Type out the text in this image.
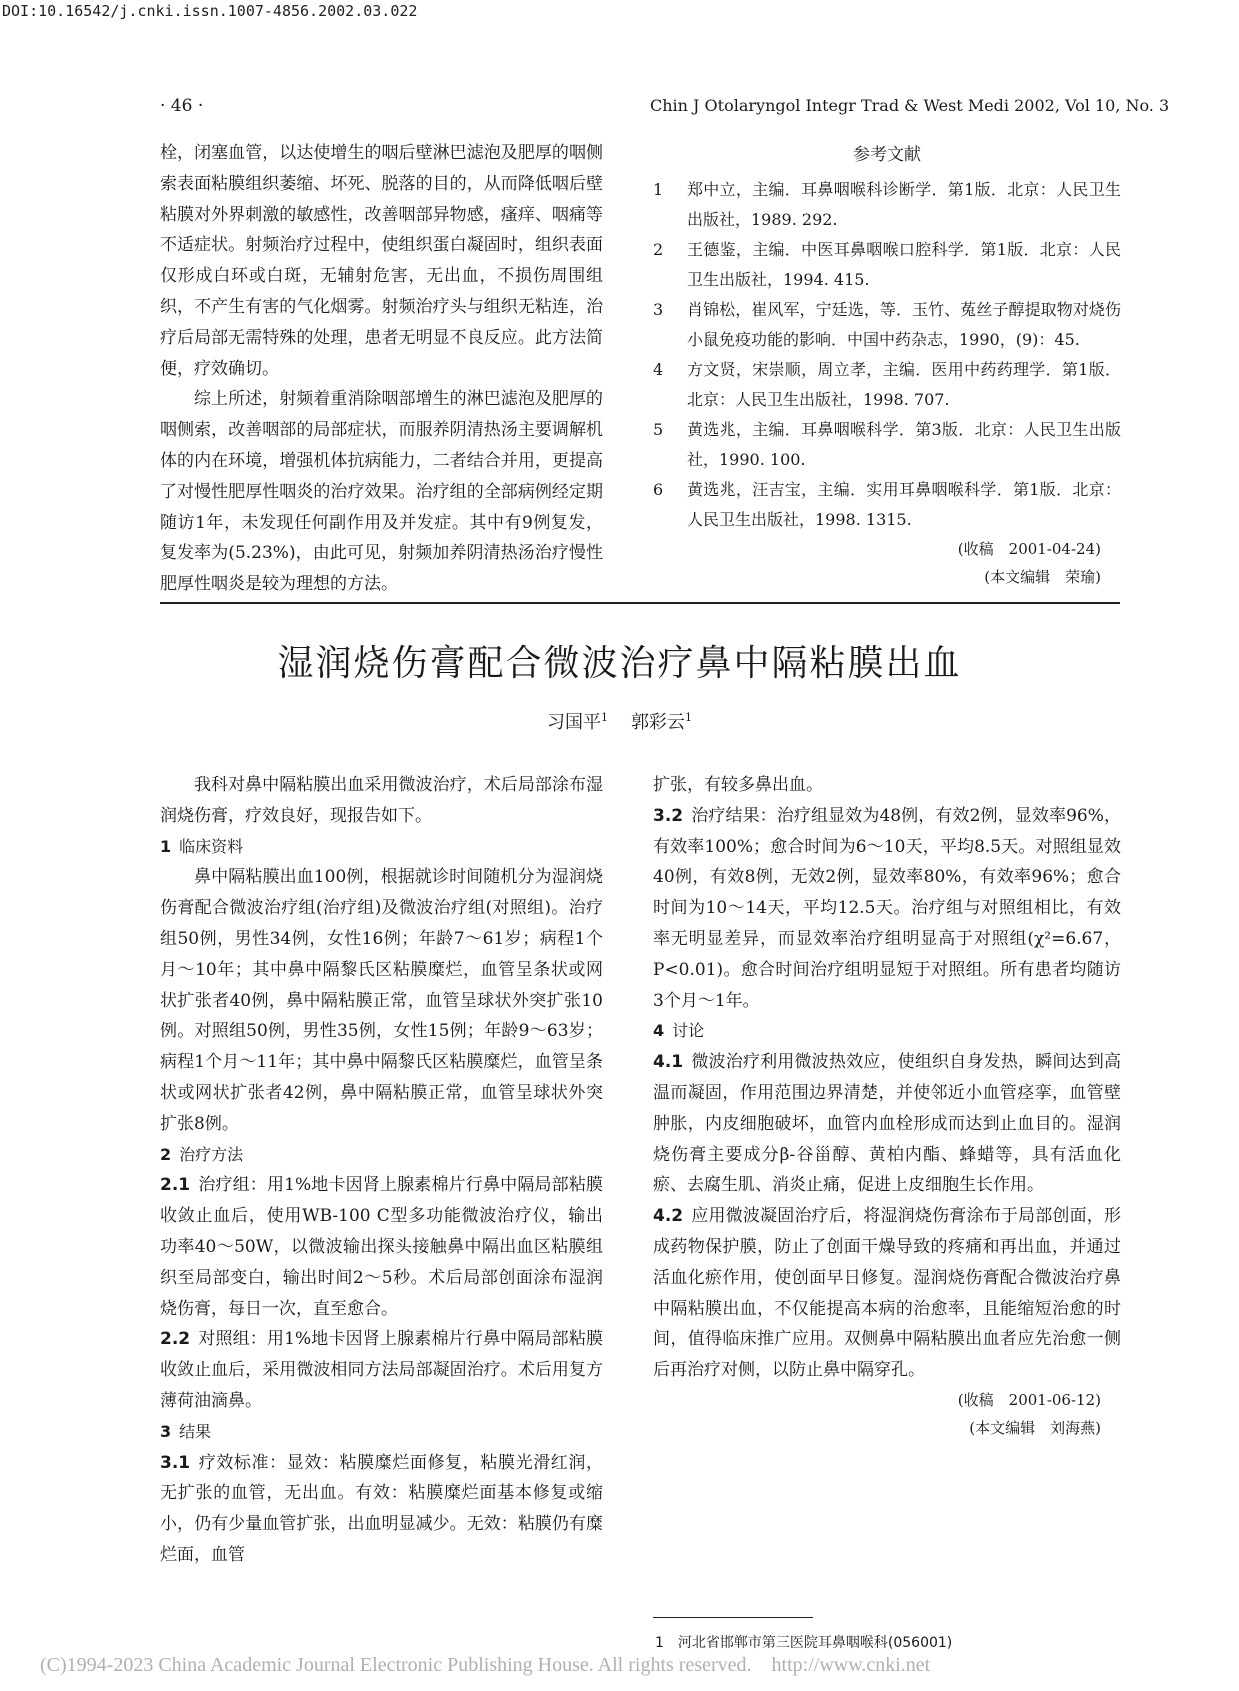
DOI:10.16542/j.cnki.issn.1007-4856.2002.03.022
· 46 ·	Chin J Otolaryngol Integr Trad & West Medi 2002, Vol 10, No. 3

栓，闭塞血管，以达使增生的咽后壁淋巴滤泡及肥厚的咽侧索表面粘膜组织萎缩、坏死、脱落的目的，从而降低咽后壁粘膜对外界刺激的敏感性，改善咽部异物感，瘙痒、咽痛等不适症状。射频治疗过程中，使组织蛋白凝固时，组织表面仅形成白环或白斑，无辅射危害，无出血，不损伤周围组织，不产生有害的气化烟雾。射频治疗头与组织无粘连，治疗后局部无需特殊的处理，患者无明显不良反应。此方法简便，疗效确切。

综上所述，射频着重消除咽部增生的淋巴滤泡及肥厚的咽侧索，改善咽部的局部症状，而服养阴清热汤主要调解机体的内在环境，增强机体抗病能力，二者结合并用，更提高了对慢性肥厚性咽炎的治疗效果。治疗组的全部病例经定期随访1年，未发现任何副作用及并发症。其中有9例复发，复发率为(5.23%)，由此可见，射频加养阴清热汤治疗慢性肥厚性咽炎是较为理想的方法。

参考文献
1	郑中立，主编．耳鼻咽喉科诊断学．第1版．北京：人民卫生出版社，1989. 292.
2	王德鉴，主编．中医耳鼻咽喉口腔科学．第1版．北京：人民卫生出版社，1994. 415.
3	肖锦松，崔风军，宁廷选，等．玉竹、菟丝子醇提取物对烧伤小鼠免疫功能的影响．中国中药杂志，1990，(9)：45.
4	方文贤，宋崇顺，周立孝，主编．医用中药药理学．第1版．北京：人民卫生出版社，1998. 707.
5	黄选兆，主编．耳鼻咽喉科学．第3版．北京：人民卫生出版社，1990. 100.
6	黄选兆，汪吉宝，主编．实用耳鼻咽喉科学．第1版．北京：人民卫生出版社，1998. 1315.
(收稿　2001-04-24)
(本文编辑　荣瑜)
湿润烧伤膏配合微波治疗鼻中隔粘膜出血
习国平$^1$ 郭彩云$^1$

我科对鼻中隔粘膜出血采用微波治疗，术后局部涂布湿润烧伤膏，疗效良好，现报告如下。

1 临床资料

鼻中隔粘膜出血100例，根据就诊时间随机分为湿润烧伤膏配合微波治疗组(治疗组)及微波治疗组(对照组)。治疗组50例，男性34例，女性16例；年龄7～61岁；病程1个月～10年；其中鼻中隔黎氏区粘膜糜烂，血管呈条状或网状扩张者40例，鼻中隔粘膜正常，血管呈球状外突扩张10例。对照组50例，男性35例，女性15例；年龄9～63岁；病程1个月～11年；其中鼻中隔黎氏区粘膜糜烂，血管呈条状或网状扩张者42例，鼻中隔粘膜正常，血管呈球状外突扩张8例。

2 治疗方法

2.1 治疗组：用1%地卡因肾上腺素棉片行鼻中隔局部粘膜收敛止血后，使用WB-100 C型多功能微波治疗仪，输出功率40～50W，以微波输出探头接触鼻中隔出血区粘膜组织至局部变白，输出时间2～5秒。术后局部创面涂布湿润烧伤膏，每日一次，直至愈合。

2.2 对照组：用1%地卡因肾上腺素棉片行鼻中隔局部粘膜收敛止血后，采用微波相同方法局部凝固治疗。术后用复方薄荷油滴鼻。

3 结果

3.1 疗效标准：显效：粘膜糜烂面修复，粘膜光滑红润，无扩张的血管，无出血。有效：粘膜糜烂面基本修复或缩小，仍有少量血管扩张，出血明显减少。无效：粘膜仍有糜烂面，血管

扩张，有较多鼻出血。

3.2 治疗结果：治疗组显效为48例，有效2例，显效率96%，有效率100%；愈合时间为6～10天，平均8.5天。对照组显效40例，有效8例，无效2例，显效率80%，有效率96%；愈合时间为10～14天，平均12.5天。治疗组与对照组相比，有效率无明显差异，而显效率治疗组明显高于对照组(χ²=6.67，P<0.01)。愈合时间治疗组明显短于对照组。所有患者均随访3个月～1年。

4 讨论

4.1 微波治疗利用微波热效应，使组织自身发热，瞬间达到高温而凝固，作用范围边界清楚，并使邻近小血管痉挛，血管壁肿胀，内皮细胞破坏，血管内血栓形成而达到止血目的。湿润烧伤膏主要成分β-谷甾醇、黄柏内酯、蜂蜡等，具有活血化瘀、去腐生肌、消炎止痛，促进上皮细胞生长作用。

4.2 应用微波凝固治疗后，将湿润烧伤膏涂布于局部创面，形成药物保护膜，防止了创面干燥导致的疼痛和再出血，并通过活血化瘀作用，使创面早日修复。湿润烧伤膏配合微波治疗鼻中隔粘膜出血，不仅能提高本病的治愈率，且能缩短治愈的时间，值得临床推广应用。双侧鼻中隔粘膜出血者应先治愈一侧后再治疗对侧，以防止鼻中隔穿孔。

(收稿　2001-06-12)
(本文编辑　刘海燕)
1　河北省邯郸市第三医院耳鼻咽喉科(056001)
(C)1994-2023 China Academic Journal Electronic Publishing House. All rights reserved.　http://www.cnki.net
